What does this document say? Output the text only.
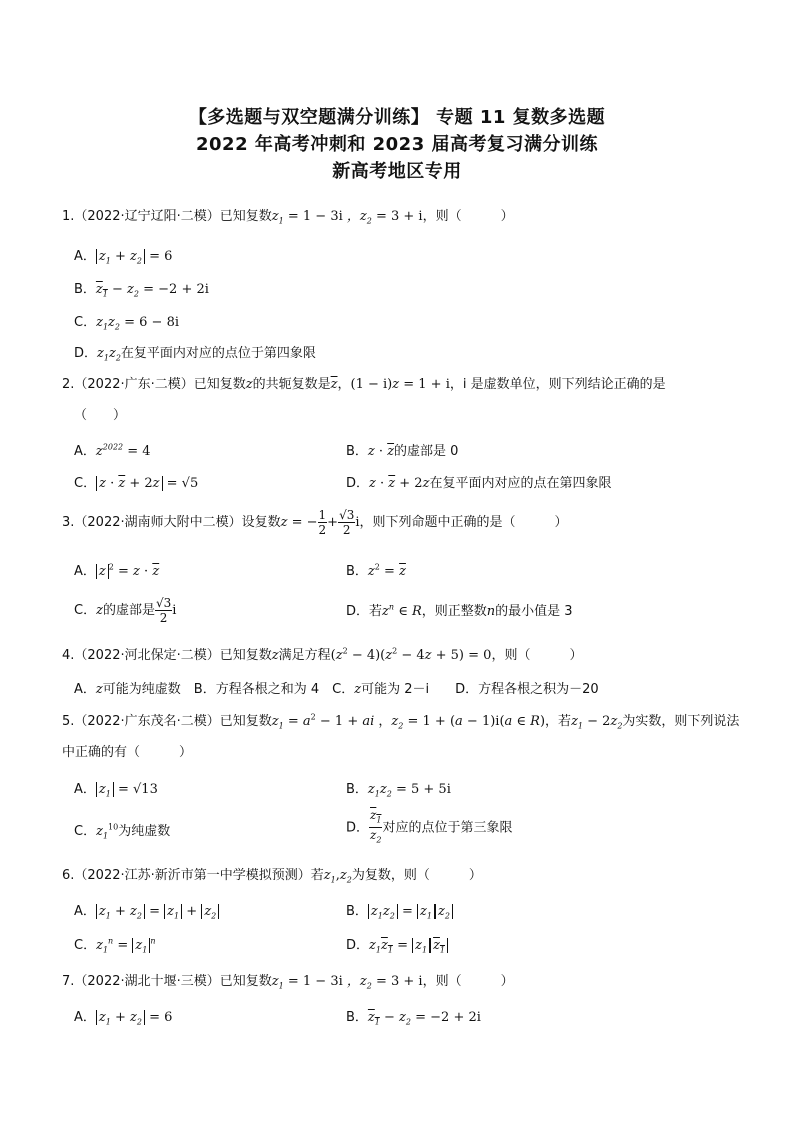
【多选题与双空题满分训练】 专题 11 复数多选题
2022 年高考冲刺和 2023 届高考复习满分训练
新高考地区专用
1.（2022·辽宁辽阳·二模）已知复数$z_1 = 1 - 3i$ ，$z_2 = 3 + i$，则（　　　）
A． $z_1 + z_2 = 6$
B．$z_1 - z_2 = -2 + 2i$
C．$z_1z_2 = 6 - 8i$
D．$z_1z_2$在复平面内对应的点位于第四象限
2.（2022·广东·二模）已知复数z的共轭复数是$\overline{z}$，(1 − i)z = 1 + i，i 是虚数单位，则下列结论正确的是
（　　）
A．$z^{2022} = 4$	B．$z \cdot \overline{z}$的虚部是 0
C． $z \cdot \overline{z} + 2z = √5$	D．$z \cdot \overline{z} + 2z$在复平面内对应的点在第四象限
3.（2022·湖南师大附中二模）设复数z = − $\frac{1}{2} + \frac{√3}{2}$ i，则下列命题中正确的是（　　　）
A． z $^2 = z \cdot \overline{z}$	B．$z^2 = \overline{z}$
C．z的虚部是 $\frac{√3}{2}$ i	D．若$z^n$ ∈ R，则正整数n的最小值是 3
4.（2022·河北保定·二模）已知复数z满足方程$(z^2 - 4)(z^2 - 4z + 5) = 0$，则（　　　）
A．z可能为纯虚数　 B．方程各根之和为 4　C．z可能为 2－i　　 D．方程各根之积为－20
5.（2022·广东茂名·二模）已知复数$z_1 = a^2 - 1$ + ai ，$z_2 = 1 + (a - 1)i(a$ ∈ R)，若$z_1 - 2z_2$为实数，则下列说法
中正确的有（　　　）
A． $z_1 = √13$	B．$z_1z_2 = 5 + 5i$
C．$z_1^{10}$为纯虚数	D． $\frac{z_1}{z_2}$ 对应的点位于第三象限
6.（2022·江苏·新沂市第一中学模拟预测）若$z_1,z_2$为复数，则（　　　）
A． $z_1 + z_2 = z_1 + z_2$	B． $z_1z_2 = z_1$ $z_2$
C．$z_1^n = z_1^n$	D．$z_1z_1 = z_1$ $z_1$
7.（2022·湖北十堰·三模）已知复数$z_1 = 1 - 3i$ ，$z_2 = 3 + i$，则（　　　）
A． $z_1 + z_2 = 6$	B．$z_1 - z_2 = -2 + 2i$
